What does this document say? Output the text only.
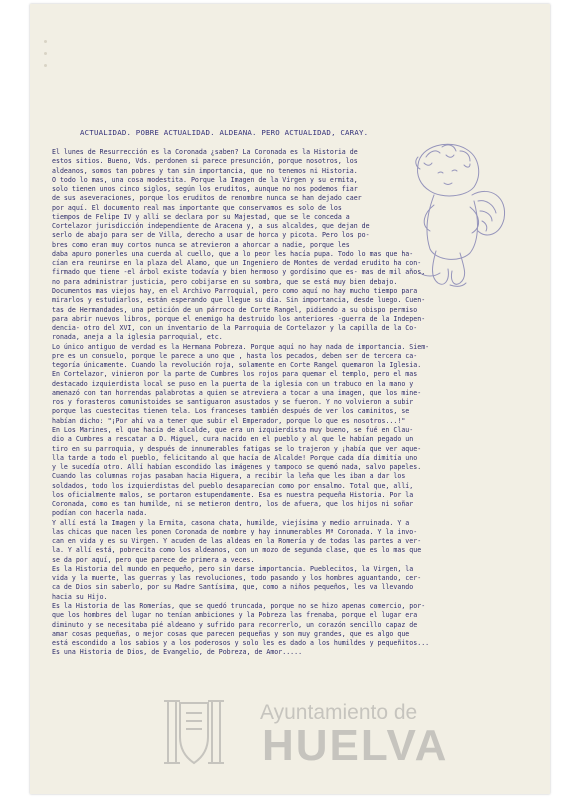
ACTUALIDAD. POBRE ACTUALIDAD. ALDEANA. PERO ACTUALIDAD, CARAY.
El lunes de Resurrección es la Coronada ¿saben? La Coronada es la Historia de
estos sitios. Bueno, Vds. perdonen si parece presunción, porque nosotros, los
aldeanos, somos tan pobres y tan sin importancia, que no tenemos ni Historia.
O todo lo mas, una cosa modestita. Porque la Imagen de la Virgen y su ermita,
solo tienen unos cinco siglos, según los eruditos, aunque no nos podemos fiar
de sus aseveraciones, porque los eruditos de renombre nunca se han dejado caer
por aquí. El documento real mas importante que conservamos es solo de los
tiempos de Felipe IV y allí se declara por su Majestad, que se le conceda a
Cortelazor jurisdicción independiente de Aracena y, a sus alcaldes, que dejan de
serlo de abajo para ser de Villa, derecho a usar de horca y picota. Pero los po-
bres como eran muy cortos nunca se atrevieron a ahorcar a nadie, porque les
daba apuro ponerles una cuerda al cuello, que a lo peor les hacía pupa. Todo lo mas que ha-
cían era reunirse en la plaza del Alamo, que un Ingeniero de Montes de verdad erudito ha con-
firmado que tiene -el árbol existe todavía y bien hermoso y gordísimo que es- mas de mil años,
no para administrar justicia, pero cobijarse en su sombra, que se está muy bien debajo.
Documentos mas viejos hay, en el Archivo Parroquial, pero como aquí no hay mucho tiempo para
mirarlos y estudiarlos, están esperando que llegue su día. Sin importancia, desde luego. Cuen-
tas de Hermandades, una petición de un párroco de Corte Rangel, pidiendo a su obispo permiso
para abrir nuevos libros, porque el enemigo ha destruido los anteriores -guerra de la Indepen-
dencia- otro del XVI, con un inventario de la Parroquia de Cortelazor y la capilla de la Co-
ronada, aneja a la iglesia parroquial, etc.
Lo único antiguo de verdad es la Hermana Pobreza. Porque aquí no hay nada de importancia. Siem-
pre es un consuelo, porque le parece a uno que , hasta los pecados, deben ser de tercera ca-
tegoría únicamente. Cuando la revolución roja, solamente en Corte Rangel quemaron la Iglesia.
En Cortelazor, vinieron por la parte de Cumbres los rojos para quemar el templo, pero el mas
destacado izquierdista local se puso en la puerta de la iglesia con un trabuco en la mano y
amenazó con tan horrendas palabrotas a quien se atreviera a tocar a una imagen, que los mine-
ros y forasteros comunistoides se santiguaron asustados y se fueron. Y no volvieron a subir
porque las cuestecitas tienen tela. Los franceses también después de ver los caminitos, se
habían dicho: "¡Por ahí va a tener que subir el Emperador, porque lo que es nosotros...!"
En Los Marines, el que hacía de alcalde, que era un izquierdista muy bueno, se fué en Clau-
dio a Cumbres a rescatar a D. Miguel, cura nacido en el pueblo y al que le habían pegado un
tiro en su parroquia, y después de innumerables fatigas se lo trajeron y ¡había que ver aque-
lla tarde a todo el pueblo, felicitando al que hacía de Alcalde! Porque cada día dimitía uno
y le sucedía otro. Allí habían escondido las imágenes y tampoco se quemó nada, salvo papeles.
Cuando las columnas rojas pasaban hacia Higuera, a recibir la leña que les iban a dar los
soldados, todo los izquierdistas del pueblo desaparecían como por ensalmo. Total que, allí,
los oficialmente malos, se portaron estupendamente. Esa es nuestra pequeña Historia. Por la
Coronada, como es tan humilde, ni se metieron dentro, los de afuera, que los hijos ni soñar
podían con hacerla nada.
Y allí está la Imagen y la Ermita, casona chata, humilde, viejísima y medio arruinada. Y a
las chicas que nacen les ponen Coronada de nombre y hay innumerables Mª Coronada. Y la invo-
can en vida y es su Virgen. Y acuden de las aldeas en la Romería y de todas las partes a ver-
la. Y allí está, pobrecita como los aldeanos, con un mozo de segunda clase, que es lo mas que
se da por aquí, pero que parece de primera a veces.
Es la Historia del mundo en pequeño, pero sin darse importancia. Pueblecitos, la Virgen, la
vida y la muerte, las guerras y las revoluciones, todo pasando y los hombres aguantando, cer-
ca de Dios sin saberlo, por su Madre Santísima, que, como a niños pequeños, les va llevando
hacia su Hijo.
Es la Historia de las Romerías, que se quedó truncada, porque no se hizo apenas comercio, por-
que los hombres del lugar no tenían ambiciones y la Pobreza las frenaba, porque el lugar era
diminuto y se necesitaba pié aldeano y sufrido para recorrerlo, un corazón sencillo capaz de
amar cosas pequeñas, o mejor cosas que parecen pequeñas y son muy grandes, que es algo que
está escondido a los sabios y a los poderosos y solo les es dado a los humildes y pequeñitos...
Es una Historia de Dios, de Evangelio, de Pobreza, de Amor.....
Ayuntamiento de
HUELVA
